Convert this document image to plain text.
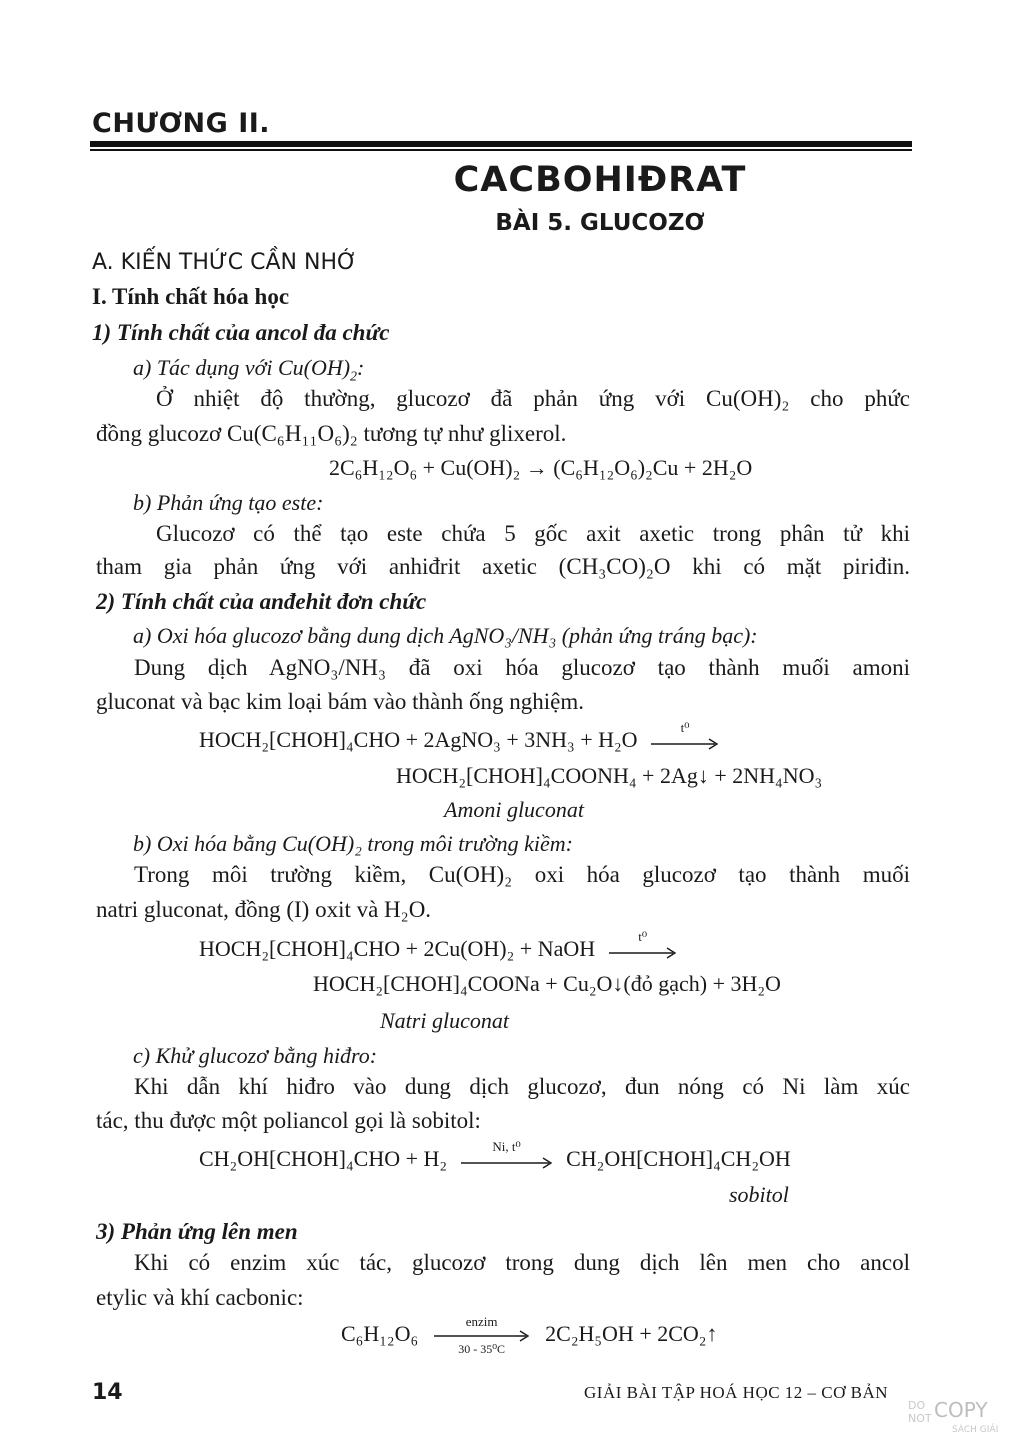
CHƯƠNG II.
CACBOHIĐRAT
BÀI 5. GLUCOZƠ
A. KIẾN THỨC CẦN NHỚ
I. Tính chất hóa học
1) Tính chất của ancol đa chức
a) Tác dụng với $Cu(OH)_2$:
Ở nhiệt độ thường, glucozơ đã phản ứng với Cu(OH)₂ cho phức
đồng glucozơ Cu(C₆H₁₁O₆)₂ tương tự như glixerol.
2C₆H₁₂O₆ + Cu(OH)₂ → (C₆H₁₂O₆)₂Cu + 2H₂O
b) Phản ứng tạo este:
Glucozơ có thể tạo este chứa 5 gốc axit axetic trong phân tử khi
tham gia phản ứng với anhiđrit axetic (CH₃CO)₂O khi có mặt piriđin.
2) Tính chất của anđehit đơn chức
a) Oxi hóa glucozơ bằng dung dịch AgNO₃/NH₃ (phản ứng tráng bạc):
Dung dịch AgNO₃/NH₃ đã oxi hóa glucozơ tạo thành muối amoni
gluconat và bạc kim loại bám vào thành ống nghiệm.
HOCH₂[CHOH]₄CHO + 2AgNO₃ + 3NH₃ + H₂O	t⁰
HOCH₂[CHOH]₄COONH₄ + 2Ag↓ + 2NH₄NO₃
Amoni gluconat
b) Oxi hóa bằng Cu(OH)₂ trong môi trường kiềm:
Trong môi trường kiềm, Cu(OH)₂ oxi hóa glucozơ tạo thành muối
natri gluconat, đồng (I) oxit và H₂O.
HOCH₂[CHOH]₄CHO + 2Cu(OH)₂ + NaOH	t⁰
HOCH₂[CHOH]₄COONa + Cu₂O↓(đỏ gạch) + 3H₂O
Natri gluconat
c) Khử glucozơ bằng hiđro:
Khi dẫn khí hiđro vào dung dịch glucozơ, đun nóng có Ni làm xúc
tác, thu được một poliancol gọi là sobitol:
CH₂OH[CHOH]₄CHO + H₂	Ni, t⁰	CH₂OH[CHOH]₄CH₂OH
sobitol
3) Phản ứng lên men
Khi có enzim xúc tác, glucozơ trong dung dịch lên men cho ancol
etylic và khí cacbonic:
C₆H₁₂O₆	enzim
30 - 35⁰C
2C₂H₅OH + 2CO₂↑
14	GIẢI BÀI TẬP HOÁ HỌC 12 – CƠ BẢN
DO
NOT COPY
SÁCH GIẢI
